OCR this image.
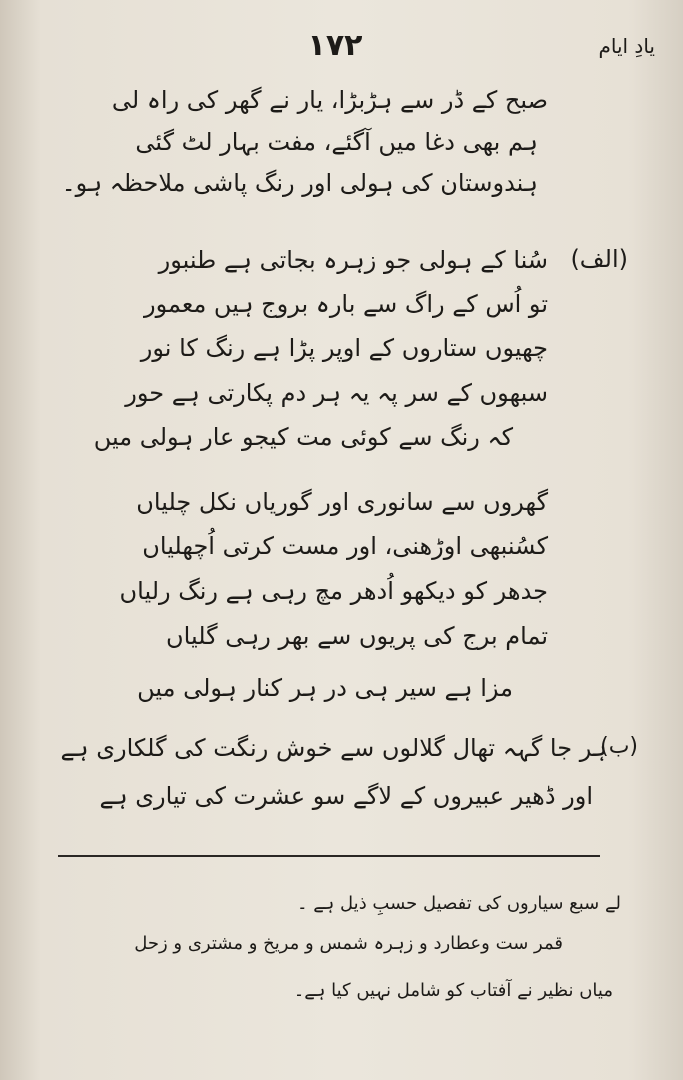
١٧٢	یادِ ایام
صبح کے ڈر سے ہڑبڑا، یار نے گھر کی راہ لی
ہم بھی دغا میں آگئے، مفت بہار لٹ گئی
ہندوستان کی ہولی اور رنگ پاشی ملاحظہ ہو۔
(الف)
سُنا کے ہولی جو زہرہ بجاتی ہے طنبور
تو اُس کے راگ سے بارہ بروج ہیں معمور
چھیوں ستاروں کے اوپر پڑا ہے رنگ کا نور
سبھوں کے سر پہ یہ ہر دم پکارتی ہے حور
کہ رنگ سے کوئی مت کیجو عار ہولی میں
گھروں سے سانوری اور گوریاں نکل چلیاں
کسُنبھی اوڑھنی، اور مست کرتی اُچھلیاں
جدھر کو دیکھو اُدھر مچ رہی ہے رنگ رلیاں
تمام برج کی پریوں سے بھر رہی گلیاں
مزا ہے سیر ہی در ہر کنار ہولی میں
(ب)
ہر جا گہہ تھال گلالوں سے خوش رنگت کی گلکاری ہے
اور ڈھیر عبیروں کے لاگے سو عشرت کی تیاری ہے
لے سبع سیاروں کی تفصیل حسبِ ذیل ہے ۔
قمر ست وعطارد و زہرہ شمس و مریخ و مشتری و زحل
میاں نظیر نے آفتاب کو شامل نہیں کیا ہے۔
